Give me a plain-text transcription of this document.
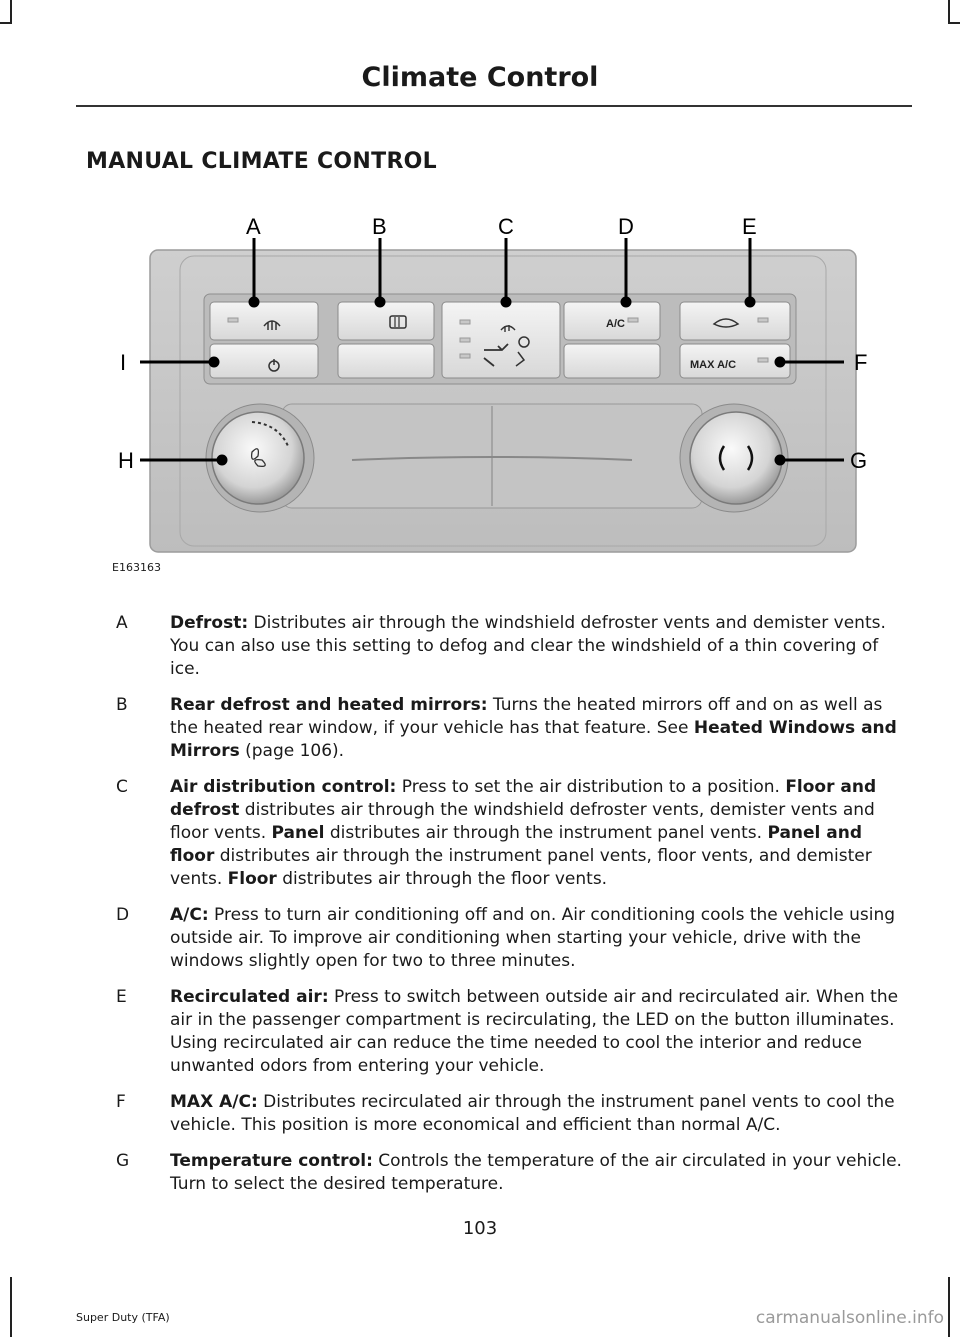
Climate Control
MANUAL CLIMATE CONTROL
A/C
MAX A/C
A	B	C	D	E
F
G
H
I
E163163
A Defrost: Distributes air through the windshield defroster vents and demister vents. You can also use this setting to defog and clear the windshield of a thin covering of ice.
B Rear defrost and heated mirrors: Turns the heated mirrors off and on as well as the heated rear window, if your vehicle has that feature. See Heated Windows and Mirrors (page 106).
C Air distribution control: Press to set the air distribution to a position. Floor and defrost distributes air through the windshield defroster vents, demister vents and floor vents. Panel distributes air through the instrument panel vents. Panel and floor distributes air through the instrument panel vents, floor vents, and demister vents. Floor distributes air through the floor vents.
D A/C: Press to turn air conditioning off and on. Air conditioning cools the vehicle using outside air. To improve air conditioning when starting your vehicle, drive with the windows slightly open for two to three minutes.
E	Recirculated air: Press to switch between outside air and recirculated air. When the air in the passenger compartment is recirculating, the LED on the button illuminates. Using recirculated air can reduce the time needed to cool the interior and reduce unwanted odors from entering your vehicle.
F	MAX A/C: Distributes recirculated air through the instrument panel vents to cool the vehicle. This position is more economical and efficient than normal A/C.
G Temperature control: Controls the temperature of the air circulated in your vehicle. Turn to select the desired temperature.
103
Super Duty (TFA)	carmanualsonline.info
